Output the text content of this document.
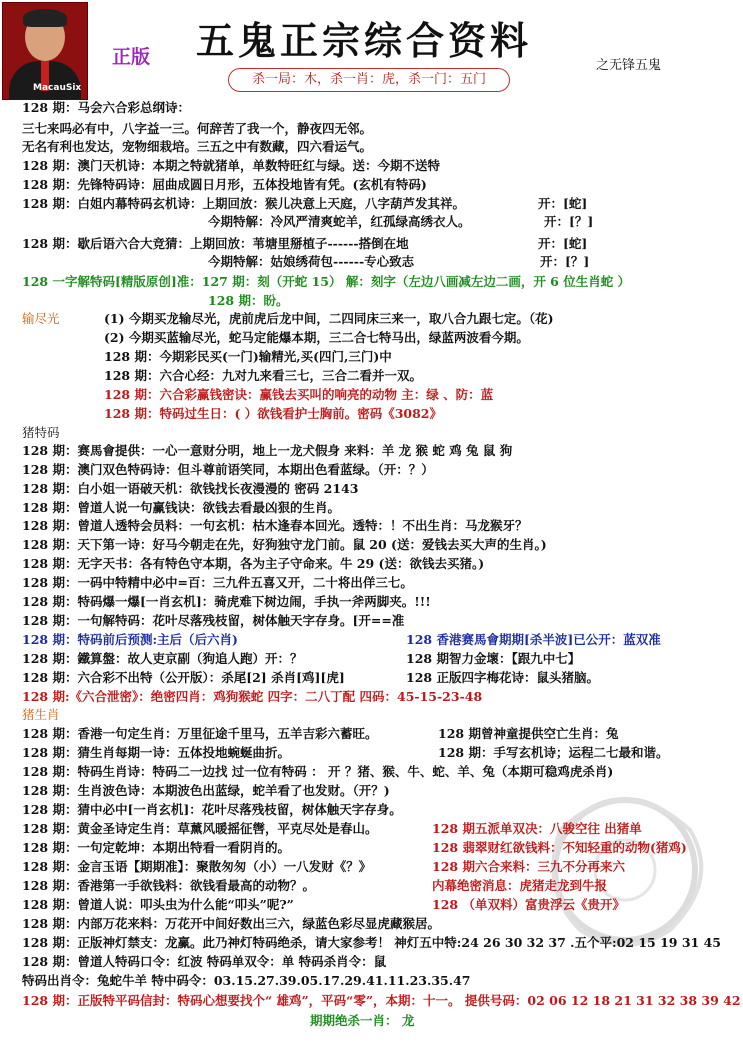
MacauSix
正版 五鬼正宗综合资料
杀一局：木，杀一肖：虎，杀一门：五门
之无锋五鬼
128 期：马会六合彩总纲诗：
三七来吗必有中，八字益一三。何辞苦了我一个，静夜四无邻。
无名有利也发达，宠物细栽培。三五之中有数藏，四六看运气。
128 期：澳门天机诗：本期之特就猪单，单数特旺红与绿。送：今期不送特
128 期：先锋特码诗：屈曲成圆日月形，五体投地皆有凭。(玄机有特码)
128 期：白姐内幕特码玄机诗：上期回放：猴儿决意上天庭，八字葫芦发其祥。	开：[蛇]
今期特解：冷风严清爽蛇羊，红孤绿高绣衣人。	开：[？]
128 期：歇后语六合大竞猜：上期回放：苇塘里掰植子------搭倒在地	开：[蛇]
今期特解：姑娘绣荷包------专心致志	开：[？]
128 一字解特码[精版原创]准：127 期：刻（开蛇 15） 解：刻字（左边八画减左边二画，开 6 位生肖蛇 ）
128 期：盼。
输尽光	(1) 今期买龙输尽光，虎前虎后龙中间，二四同床三来一，取八合九跟七定。（花)
(2) 今期买蓝输尽光，蛇马定能爆本期，三二合七特马出，绿蓝两波看今期。
128 期：今期彩民买(一门)输精光,买(四门,三门)中
128 期：六合心经：九对九来看三七，三合二看并一双。
128 期：六合彩赢钱密诀：赢钱去买叫的响亮的动物 主：绿 、防：蓝
128 期：特码过生日：( ）欲钱看护士胸前。密码《3082》
猪特码
128 期：赛馬會提供：一心一意财分明，地上一龙犬假身 来料：羊 龙 猴 蛇 鸡 兔 鼠 狗
128 期：澳门双色特码诗：但斗尊前语笑同，本期出色看蓝绿。（开：？）
128 期：白小姐一语破天机：欲钱找长夜漫漫的 密码 2143
128 期：曾道人说一句赢钱诀：欲钱去看最凶狠的生肖。
128 期：曾道人透特会员料：一句玄机：枯木逢春本回光。透特：！不出生肖：马龙猴牙？
128 期：天下第一诗：好马今朝走在先，好狗独守龙门前。鼠 20 (送：爱钱去买大声的生肖。)
128 期：无字天书：各有特色守本期，各为主子守命来。牛 29 (送：欲钱去买猪。)
128 期：一码中特精中必中=百：三九件五喜又开，二十将出佯三七。
128 期：特码爆一爆[一肖玄机]：骑虎难下树边闹，手执一斧两脚夹。!!!
128 期：一句解特码：花叶尽落残枝留，树体触天字存身。[开==准
128 期：特码前后预测:主后（后六肖)	128 香港赛馬會期期[杀半波]已公开：蓝双准
128 期：鐵算盤：故人吏京副（狗追人跑）开：？	128 期智力金壞：【跟九中七】
128 期：六合彩不出特（公开版）：杀尾[2] 杀肖[鸡][虎]	128 正版四字梅花诗：鼠头猪脑。
128 期:《六合泄密》：绝密四肖：鸡狗猴蛇 四字：二八丁配 四码：45-15-23-48
猪生肖
128 期：香港一句定生肖：万里征途千里马，五羊吉彩六蓄旺。	128 期曾神童提供空亡生肖：兔
128 期：猜生肖每期一诗：五体投地蜿蜒曲折。	128 期：手写玄机诗；运程二七最和谐。
128 期：特码生肖诗：特码二一边找 过一位有特码 ： 开 ？猪、猴、牛、蛇、羊、兔（本期可稳鸡虎杀肖)
128 期：生肖波色诗：本期波色出蓝绿，蛇羊看了也发财。（开？)
128 期：猜中必中[一肖玄机]：花叶尽落残枝留，树体触天字存身。
128 期：黄金圣诗定生肖：草薰风暖摇征辔，平克尽处是春山。	128 期五派单双决：八骏空往 出猪单
128 期：一句定乾坤：本期出特看一看阴肖的。	128 翡翠财红欲钱料：不知轻重的动物(猪鸡)
128 期：金言玉语【期期准】：聚散匆匆（小）一八发财《？》	128 期六合来料：三九不分再来六
128 期：香港第一手欲钱料：欲钱看最高的动物？。	内幕绝密消息：虎猪走龙到牛报
128 期：曾道人说：叩头虫为什么能“叩头”呢?”	128 （单双料）富贵浮云《贵开》
128 期：内部万花来料：万花开中间好数出三六，绿蓝色彩尽显虎藏猴居。
128 期：正版神灯禁支：龙赢。此乃神灯特码绝杀，请大家参考！ 神灯五中特:24 26 30 32 37 .五个平:02 15 19 31 45
128 期：曾道人特码口令：红波 特码单双令：单 特码杀肖令：鼠
特码出肖令：兔蛇牛羊 特中码令：03.15.27.39.05.17.29.41.11.23.35.47
128 期：正版特平码信封：特码心想要找个“ 雄鸡”，平码“零”，本期：十一。 提供号码：02 06 12 18 21 31 32 38 39 42
期期绝杀一肖： 龙
